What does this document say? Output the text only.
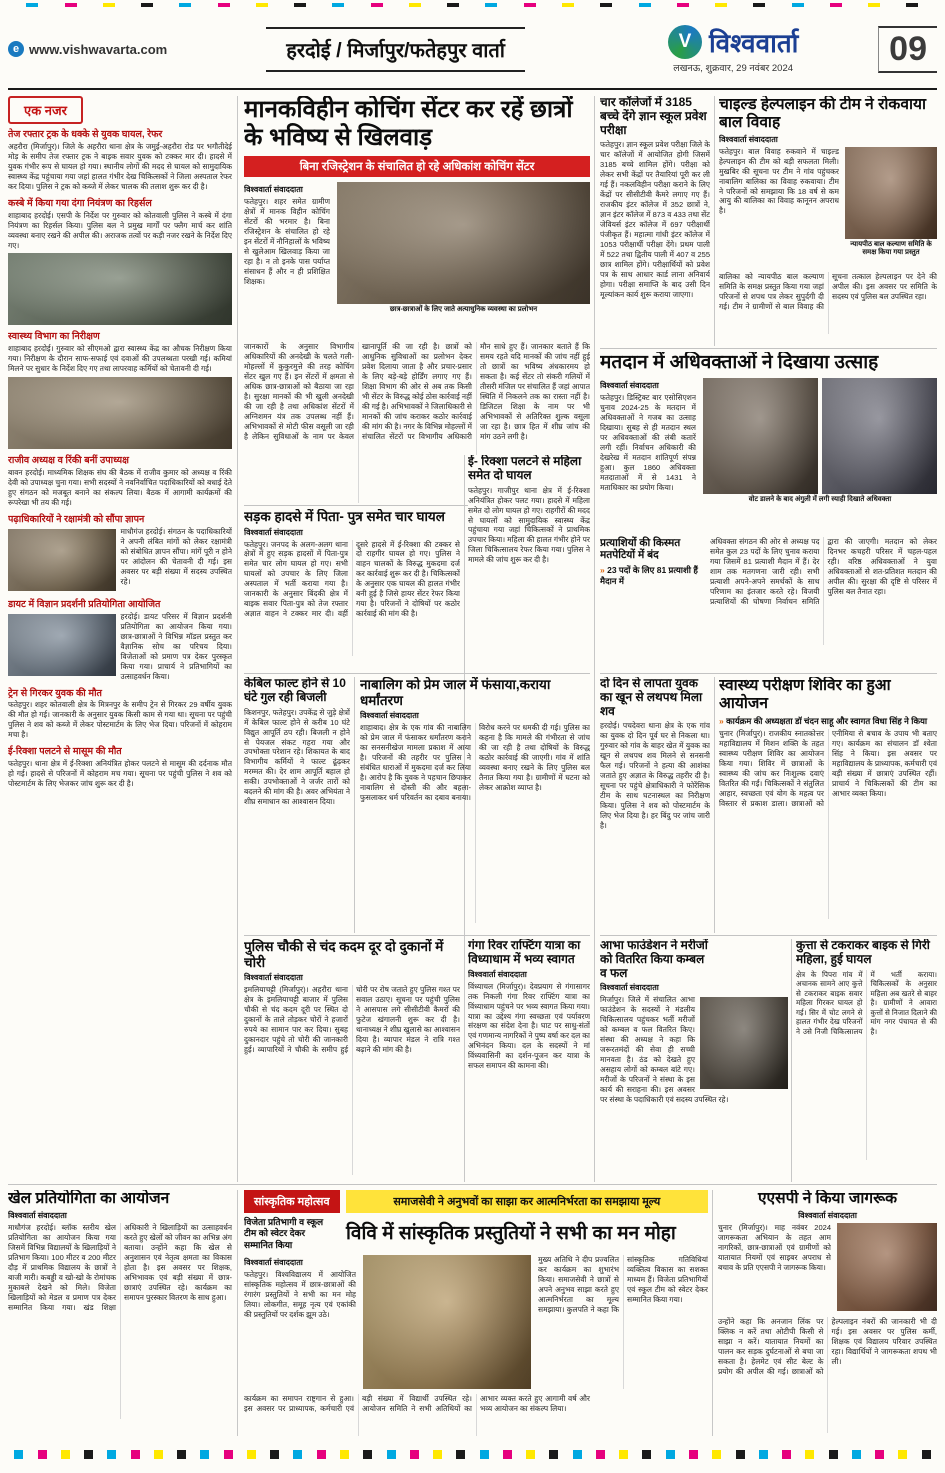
e www.vishwavarta.com	हरदोई / मिर्जापुर/फतेहपुर वार्ता	V विश्ववार्ता
लखनऊ, शुक्रवार, 29 नवंबर 2024
09
एक नजर
तेज रफ्तार ट्रक के धक्के से युवक घायल, रेफर
अहरौरा (मिर्जापुर)। जिले के अहरौरा थाना क्षेत्र के जमुई-अहरौरा रोड पर भगौतीदेई मोड़ के समीप तेज रफ्तार ट्रक ने बाइक सवार युवक को टक्कर मार दी। हादसे में युवक गंभीर रूप से घायल हो गया। स्थानीय लोगों की मदद से घायल को सामुदायिक स्वास्थ्य केंद्र पहुंचाया गया जहां हालत गंभीर देख चिकित्सकों ने जिला अस्पताल रेफर कर दिया। पुलिस ने ट्रक को कब्जे में लेकर चालक की तलाश शुरू कर दी है।
कस्बे में किया गया दंगा नियंत्रण का रिहर्सल
शाहाबाद हरदोई। एसपी के निर्देश पर गुरुवार को कोतवाली पुलिस ने कस्बे में दंगा नियंत्रण का रिहर्सल किया। पुलिस बल ने प्रमुख मार्गों पर फ्लैग मार्च कर शांति व्यवस्था बनाए रखने की अपील की। अराजक तत्वों पर कड़ी नजर रखने के निर्देश दिए गए।
स्वास्थ्य विभाग का निरीक्षण
शाहाबाद हरदोई। गुरुवार को सीएमओ द्वारा स्वास्थ्य केंद्र का औचक निरीक्षण किया गया। निरीक्षण के दौरान साफ-सफाई एवं दवाओं की उपलब्धता परखी गई। कमियां मिलने पर सुधार के निर्देश दिए गए तथा लापरवाह कर्मियों को चेतावनी दी गई।
राजीव अध्यक्ष व रिंकी बनीं उपाध्यक्ष
बावन हरदोई। माध्यमिक शिक्षक संघ की बैठक में राजीव कुमार को अध्यक्ष व रिंकी देवी को उपाध्यक्ष चुना गया। सभी सदस्यों ने नवनिर्वाचित पदाधिकारियों को बधाई देते हुए संगठन को मजबूत बनाने का संकल्प लिया। बैठक में आगामी कार्यक्रमों की रूपरेखा भी तय की गई।
पढ़ाधिकारियों ने रक्षामंत्री को सौंपा ज्ञापन
माधौगंज हरदोई। संगठन के पदाधिकारियों ने अपनी लंबित मांगों को लेकर रक्षामंत्री को संबोधित ज्ञापन सौंपा। मांगें पूरी न होने पर आंदोलन की चेतावनी दी गई। इस अवसर पर बड़ी संख्या में सदस्य उपस्थित रहे।
डायट में विज्ञान प्रदर्शनी प्रतियोगिता आयोजित
हरदोई। डायट परिसर में विज्ञान प्रदर्शनी प्रतियोगिता का आयोजन किया गया। छात्र-छात्राओं ने विभिन्न मॉडल प्रस्तुत कर वैज्ञानिक सोच का परिचय दिया। विजेताओं को प्रमाण पत्र देकर पुरस्कृत किया गया। प्राचार्य ने प्रतिभागियों का उत्साहवर्धन किया।
ट्रेन से गिरकर युवक की मौत
फतेहपुर। शहर कोतवाली क्षेत्र के मित्रनपुर के समीप ट्रेन से गिरकर 29 वर्षीय युवक की मौत हो गई। जानकारी के अनुसार युवक किसी काम से गया था। सूचना पर पहुंची पुलिस ने शव को कब्जे में लेकर पोस्टमार्टम के लिए भेज दिया। परिजनों में कोहराम मचा है।
ई-रिक्शा पलटने से मासूम की मौत
फतेहपुर। थाना क्षेत्र में ई-रिक्शा अनियंत्रित होकर पलटने से मासूम की दर्दनाक मौत हो गई। हादसे से परिजनों में कोहराम मच गया। सूचना पर पहुंची पुलिस ने शव को पोस्टमार्टम के लिए भेजकर जांच शुरू कर दी है।
मानकविहीन कोचिंग सेंटर कर रहें छात्रों के भविष्य से खिलवाड़
बिना रजिस्ट्रेशन के संचालित हो रहे अधिकांश कोचिंग सेंटर
विश्ववार्ता संवाददाता
फतेहपुर। शहर समेत ग्रामीण क्षेत्रों में मानक विहीन कोचिंग सेंटरों की भरमार है। बिना रजिस्ट्रेशन के संचालित हो रहे इन सेंटरों में नौनिहालों के भविष्य से खुलेआम खिलवाड़ किया जा रहा है। न तो इनके पास पर्याप्त संसाधन हैं और न ही प्रशिक्षित शिक्षक।
छात्र-छात्राओं के लिए जाते अत्याधुनिक व्यवस्था का प्रलोभन
जानकारों के अनुसार विभागीय अधिकारियों की अनदेखी के चलते गली-मोहल्लों में कुकुरमुत्ते की तरह कोचिंग सेंटर खुल गए हैं। इन सेंटरों में क्षमता से अधिक छात्र-छात्राओं को बैठाया जा रहा है। सुरक्षा मानकों की भी खुली अनदेखी की जा रही है तथा अधिकांश सेंटरों में अग्निशमन यंत्र तक उपलब्ध नहीं हैं। अभिभावकों से मोटी फीस वसूली जा रही है लेकिन सुविधाओं के नाम पर केवल खानापूर्ति की जा रही है। छात्रों को आधुनिक सुविधाओं का प्रलोभन देकर प्रवेश दिलाया जाता है और प्रचार-प्रसार के लिए बड़े-बड़े होर्डिंग लगाए गए हैं। शिक्षा विभाग की ओर से अब तक किसी भी सेंटर के विरुद्ध कोई ठोस कार्रवाई नहीं की गई है। अभिभावकों ने जिलाधिकारी से मानकों की जांच कराकर कठोर कार्रवाई की मांग की है। नगर के विभिन्न मोहल्लों में संचालित सेंटरों पर विभागीय अधिकारी मौन साधे हुए हैं। जानकार बताते हैं कि समय रहते यदि मानकों की जांच नहीं हुई तो छात्रों का भविष्य अंधकारमय हो सकता है। कई सेंटर तो संकरी गलियों में तीसरी मंजिल पर संचालित हैं जहां आपात स्थिति में निकलने तक का रास्ता नहीं है। डिजिटल शिक्षा के नाम पर भी अभिभावकों से अतिरिक्त शुल्क वसूला जा रहा है। छात्र हित में शीघ्र जांच की मांग उठने लगी है।
सड़क हादसे में पिता- पुत्र समेत चार घायल
विश्ववार्ता संवाददाता
फतेहपुर। जनपद के अलग-अलग थाना क्षेत्रों में हुए सड़क हादसों में पिता-पुत्र समेत चार लोग घायल हो गए। सभी घायलों को उपचार के लिए जिला अस्पताल में भर्ती कराया गया है। जानकारी के अनुसार बिंदकी क्षेत्र में बाइक सवार पिता-पुत्र को तेज रफ्तार अज्ञात वाहन ने टक्कर मार दी। वहीं दूसरे हादसे में ई-रिक्शा की टक्कर से दो राहगीर घायल हो गए। पुलिस ने वाहन चालकों के विरुद्ध मुकदमा दर्ज कर कार्रवाई शुरू कर दी है। चिकित्सकों के अनुसार एक घायल की हालत गंभीर बनी हुई है जिसे हायर सेंटर रेफर किया गया है। परिजनों ने दोषियों पर कठोर कार्रवाई की मांग की है।
ई- रिक्शा पलटने से महिला समेत दो घायल
फतेहपुर। गाजीपुर थाना क्षेत्र में ई-रिक्शा अनियंत्रित होकर पलट गया। हादसे में महिला समेत दो लोग घायल हो गए। राहगीरों की मदद से घायलों को सामुदायिक स्वास्थ्य केंद्र पहुंचाया गया जहां चिकित्सकों ने प्राथमिक उपचार किया। महिला की हालत गंभीर होने पर जिला चिकित्सालय रेफर किया गया। पुलिस ने मामले की जांच शुरू कर दी है।
केबिल फाल्ट होने से 10 घंटे गुल रही बिजली
किशनपुर, फतेहपुर। उपकेंद्र से जुड़े क्षेत्रों में केबिल फाल्ट होने से करीब 10 घंटे विद्युत आपूर्ति ठप रही। बिजली न होने से पेयजल संकट गहरा गया और उपभोक्ता परेशान रहे। शिकायत के बाद विभागीय कर्मियों ने फाल्ट ढूंढ़कर मरम्मत की। देर शाम आपूर्ति बहाल हो सकी। उपभोक्ताओं ने जर्जर तारों को बदलने की मांग की है। अवर अभियंता ने शीघ्र समाधान का आश्वासन दिया।
नाबालिग को प्रेम जाल में फंसाया,कराया धर्मांतरण
विश्ववार्ता संवाददाता
शाहाबाद। क्षेत्र के एक गांव की नाबालिग को प्रेम जाल में फंसाकर धर्मांतरण कराने का सनसनीखेज मामला प्रकाश में आया है। परिजनों की तहरीर पर पुलिस ने संबंधित धाराओं में मुकदमा दर्ज कर लिया है। आरोप है कि युवक ने पहचान छिपाकर नाबालिग से दोस्ती की और बहला-फुसलाकर धर्म परिवर्तन का दबाव बनाया। विरोध करने पर धमकी दी गई। पुलिस का कहना है कि मामले की गंभीरता से जांच की जा रही है तथा दोषियों के विरुद्ध कठोर कार्रवाई की जाएगी। गांव में शांति व्यवस्था बनाए रखने के लिए पुलिस बल तैनात किया गया है। ग्रामीणों में घटना को लेकर आक्रोश व्याप्त है।
पुलिस चौकी से चंद कदम दूर दो दुकानों में चोरी
विश्ववार्ता संवाददाता
इमलियाचट्टी (मिर्जापुर)। अहरौरा थाना क्षेत्र के इमलियाचट्टी बाजार में पुलिस चौकी से चंद कदम दूरी पर स्थित दो दुकानों के ताले तोड़कर चोरों ने हजारों रुपये का सामान पार कर दिया। सुबह दुकानदार पहुंचे तो चोरी की जानकारी हुई। व्यापारियों ने चौकी के समीप हुई चोरी पर रोष जताते हुए पुलिस गश्त पर सवाल उठाए। सूचना पर पहुंची पुलिस ने आसपास लगे सीसीटीवी कैमरों की फुटेज खंगालनी शुरू कर दी है। थानाध्यक्ष ने शीघ्र खुलासे का आश्वासन दिया है। व्यापार मंडल ने रात्रि गश्त बढ़ाने की मांग की है।
गंगा रिवर राफ्टिंग यात्रा का विध्याधाम में भव्य स्वागत
विश्ववार्ता संवाददाता
विंध्याचल (मिर्जापुर)। देवप्रयाग से गंगासागर तक निकली गंगा रिवर राफ्टिंग यात्रा का विंध्याधाम पहुंचने पर भव्य स्वागत किया गया। यात्रा का उद्देश्य गंगा स्वच्छता एवं पर्यावरण संरक्षण का संदेश देना है। घाट पर साधु-संतों एवं गणमान्य नागरिकों ने पुष्प वर्षा कर दल का अभिनंदन किया। दल के सदस्यों ने मां विंध्यवासिनी का दर्शन-पूजन कर यात्रा के सफल समापन की कामना की।
चार कॉलेजों में 3185 बच्चे देंगे ज्ञान स्कूल प्रवेश परीक्षा
फतेहपुर। ज्ञान स्कूल प्रवेश परीक्षा जिले के चार कॉलेजों में आयोजित होगी जिसमें 3185 बच्चे शामिल होंगे। परीक्षा को लेकर सभी केंद्रों पर तैयारियां पूरी कर ली गई हैं। नकलविहीन परीक्षा कराने के लिए केंद्रों पर सीसीटीवी कैमरे लगाए गए हैं। राजकीय इंटर कॉलेज में 352 छात्रों ने, ज्ञान इंटर कॉलेज में 873 व 433 तथा सेंट जेवियर्स इंटर कॉलेज में 697 परीक्षार्थी पंजीकृत हैं। महात्मा गांधी इंटर कॉलेज में 1053 परीक्षार्थी परीक्षा देंगे। प्रथम पाली में 522 तथा द्वितीय पाली में 407 व 255 छात्र शामिल होंगे। परीक्षार्थियों को प्रवेश पत्र के साथ आधार कार्ड लाना अनिवार्य होगा। परीक्षा समाप्ति के बाद उसी दिन मूल्यांकन कार्य शुरू कराया जाएगा।
चाइल्ड हेल्पलाइन की टीम ने रोकवाया बाल विवाह
विश्ववार्ता संवाददाता
फतेहपुर। बाल विवाह रुकवाने में चाइल्ड हेल्पलाइन की टीम को बड़ी सफलता मिली। मुखबिर की सूचना पर टीम ने गांव पहुंचकर नाबालिग बालिका का विवाह रुकवाया। टीम ने परिजनों को समझाया कि 18 वर्ष से कम आयु की बालिका का विवाह कानूनन अपराध है।
न्यायपीठ बाल कल्याण समिति के समक्ष किया गया प्रस्तुत
बालिका को न्यायपीठ बाल कल्याण समिति के समक्ष प्रस्तुत किया गया जहां परिजनों से शपथ पत्र लेकर सुपुर्दगी दी गई। टीम ने ग्रामीणों से बाल विवाह की सूचना तत्काल हेल्पलाइन पर देने की अपील की। इस अवसर पर समिति के सदस्य एवं पुलिस बल उपस्थित रहा।
मतदान में अधिवक्ताओं ने दिखाया उत्साह
विश्ववार्ता संवाददाता
फतेहपुर। डिस्ट्रिक्ट बार एसोसिएशन चुनाव 2024-25 के मतदान में अधिवक्ताओं ने गजब का उत्साह दिखाया। सुबह से ही मतदान स्थल पर अधिवक्ताओं की लंबी कतारें लगी रहीं। निर्वाचन अधिकारी की देखरेख में मतदान शांतिपूर्ण संपन्न हुआ। कुल 1860 अधिवक्ता मतदाताओं में से 1431 ने मताधिकार का प्रयोग किया।
वोट डालने के बाद अंगुली में लगी स्याही दिखाते अधिवक्ता
प्रत्याशियों की किस्मत मतपेटियों में बंद
» 23 पदों के लिए 81 प्रत्याशी हैं मैदान में
अधिवक्ता संगठन की ओर से अध्यक्ष पद समेत कुल 23 पदों के लिए चुनाव कराया गया जिसमें 81 प्रत्याशी मैदान में हैं। देर शाम तक मतगणना जारी रही। सभी प्रत्याशी अपने-अपने समर्थकों के साथ परिणाम का इंतजार करते रहे। विजयी प्रत्याशियों की घोषणा निर्वाचन समिति द्वारा की जाएगी। मतदान को लेकर दिनभर कचहरी परिसर में चहल-पहल रही। वरिष्ठ अधिवक्ताओं ने युवा अधिवक्ताओं से शत-प्रतिशत मतदान की अपील की। सुरक्षा की दृष्टि से परिसर में पुलिस बल तैनात रहा।
दो दिन से लापता युवक का खून से लथपथ मिला शव
हरदोई। पचदेवरा थाना क्षेत्र के एक गांव का युवक दो दिन पूर्व घर से निकला था। गुरुवार को गांव के बाहर खेत में युवक का खून से लथपथ शव मिलने से सनसनी फैल गई। परिजनों ने हत्या की आशंका जताते हुए अज्ञात के विरुद्ध तहरीर दी है। सूचना पर पहुंचे क्षेत्राधिकारी ने फोरेंसिक टीम के साथ घटनास्थल का निरीक्षण किया। पुलिस ने शव को पोस्टमार्टम के लिए भेज दिया है। हर बिंदु पर जांच जारी है।
स्वास्थ्य परीक्षण शिविर का हुआ आयोजन
» कार्यक्रम की अध्यक्षता डॉ चंदन साहू और स्वागत विधा सिंह ने किया
चुनार (मिर्जापुर)। राजकीय स्नातकोत्तर महाविद्यालय में मिशन शक्ति के तहत स्वास्थ्य परीक्षण शिविर का आयोजन किया गया। शिविर में छात्राओं के स्वास्थ्य की जांच कर निःशुल्क दवाएं वितरित की गईं। चिकित्सकों ने संतुलित आहार, स्वच्छता एवं योग के महत्व पर विस्तार से प्रकाश डाला। छात्राओं को एनीमिया से बचाव के उपाय भी बताए गए। कार्यक्रम का संचालन डॉ श्वेता सिंह ने किया। इस अवसर पर महाविद्यालय के प्राध्यापक, कर्मचारी एवं बड़ी संख्या में छात्राएं उपस्थित रहीं। प्राचार्य ने चिकित्सकों की टीम का आभार व्यक्त किया।
आभा फाउंडेशन ने मरीजों को वितरित किया कम्बल व फल
विश्ववार्ता संवाददाता
मिर्जापुर। जिले में संचालित आभा फाउंडेशन के सदस्यों ने मंडलीय चिकित्सालय पहुंचकर भर्ती मरीजों को कम्बल व फल वितरित किए। संस्था की अध्यक्ष ने कहा कि जरूरतमंदों की सेवा ही सच्ची मानवता है। ठंड को देखते हुए असहाय लोगों को कम्बल बांटे गए। मरीजों के परिजनों ने संस्था के इस कार्य की सराहना की। इस अवसर पर संस्था के पदाधिकारी एवं सदस्य उपस्थित रहे।
कुत्ता से टकराकर बाइक से गिरी महिला, हुई घायल
क्षेत्र के पिपरा गांव में अचानक सामने आए कुत्ते से टकराकर बाइक सवार महिला गिरकर घायल हो गई। सिर में चोट लगने से हालत गंभीर देख परिजनों ने उसे निजी चिकित्सालय में भर्ती कराया। चिकित्सकों के अनुसार महिला अब खतरे से बाहर है। ग्रामीणों ने आवारा कुत्तों से निजात दिलाने की मांग नगर पंचायत से की है।
खेल प्रतियोगिता का आयोजन
विश्ववार्ता संवाददाता
माधौगंज हरदोई। ब्लॉक स्तरीय खेल प्रतियोगिता का आयोजन किया गया जिसमें विभिन्न विद्यालयों के खिलाड़ियों ने प्रतिभाग किया। 100 मीटर व 200 मीटर दौड़ में प्राथमिक विद्यालय के छात्रों ने बाजी मारी। कबड्डी व खो-खो के रोमांचक मुकाबले देखने को मिले। विजेता खिलाड़ियों को मेडल व प्रमाण पत्र देकर सम्मानित किया गया। खंड शिक्षा अधिकारी ने खिलाड़ियों का उत्साहवर्धन करते हुए खेलों को जीवन का अभिन्न अंग बताया। उन्होंने कहा कि खेल से अनुशासन एवं नेतृत्व क्षमता का विकास होता है। इस अवसर पर शिक्षक, अभिभावक एवं बड़ी संख्या में छात्र-छात्राएं उपस्थित रहे। कार्यक्रम का समापन पुरस्कार वितरण के साथ हुआ।
सांस्कृतिक महोत्सव	समाजसेवी ने अनुभवों का साझा कर आत्मनिर्भरता का समझाया मूल्य
विजेता प्रतिभागी व स्कूल टीम को स्वेटर देकर सम्मानित किया
विवि में सांस्कृतिक प्रस्तुतियों ने सभी का मन मोहा
विश्ववार्ता संवाददाता
फतेहपुर। विश्वविद्यालय में आयोजित सांस्कृतिक महोत्सव में छात्र-छात्राओं की रंगारंग प्रस्तुतियों ने सभी का मन मोह लिया। लोकगीत, समूह नृत्य एवं एकांकी की प्रस्तुतियों पर दर्शक झूम उठे।
मुख्य अतिथि ने दीप प्रज्वलित कर कार्यक्रम का शुभारंभ किया। समाजसेवी ने छात्रों से अपने अनुभव साझा करते हुए आत्मनिर्भरता का मूल्य समझाया। कुलपति ने कहा कि सांस्कृतिक गतिविधियां व्यक्तित्व विकास का सशक्त माध्यम हैं। विजेता प्रतिभागियों एवं स्कूल टीम को स्वेटर देकर सम्मानित किया गया।
कार्यक्रम का समापन राष्ट्रगान से हुआ। इस अवसर पर प्राध्यापक, कर्मचारी एवं बड़ी संख्या में विद्यार्थी उपस्थित रहे। आयोजन समिति ने सभी अतिथियों का आभार व्यक्त करते हुए आगामी वर्ष और भव्य आयोजन का संकल्प लिया।
एएसपी ने किया जागरूक
विश्ववार्ता संवाददाता
चुनार (मिर्जापुर)। माह नवंबर 2024 जागरूकता अभियान के तहत आम नागरिकों, छात्र-छात्राओं एवं ग्रामीणों को यातायात नियमों एवं साइबर अपराध से बचाव के प्रति एएसपी ने जागरूक किया।
उन्होंने कहा कि अनजान लिंक पर क्लिक न करें तथा ओटीपी किसी से साझा न करें। यातायात नियमों का पालन कर सड़क दुर्घटनाओं से बचा जा सकता है। हेलमेट एवं सीट बेल्ट के प्रयोग की अपील की गई। छात्राओं को हेल्पलाइन नंबरों की जानकारी भी दी गई। इस अवसर पर पुलिस कर्मी, शिक्षक एवं विद्यालय परिवार उपस्थित रहा। विद्यार्थियों ने जागरूकता शपथ भी ली।
